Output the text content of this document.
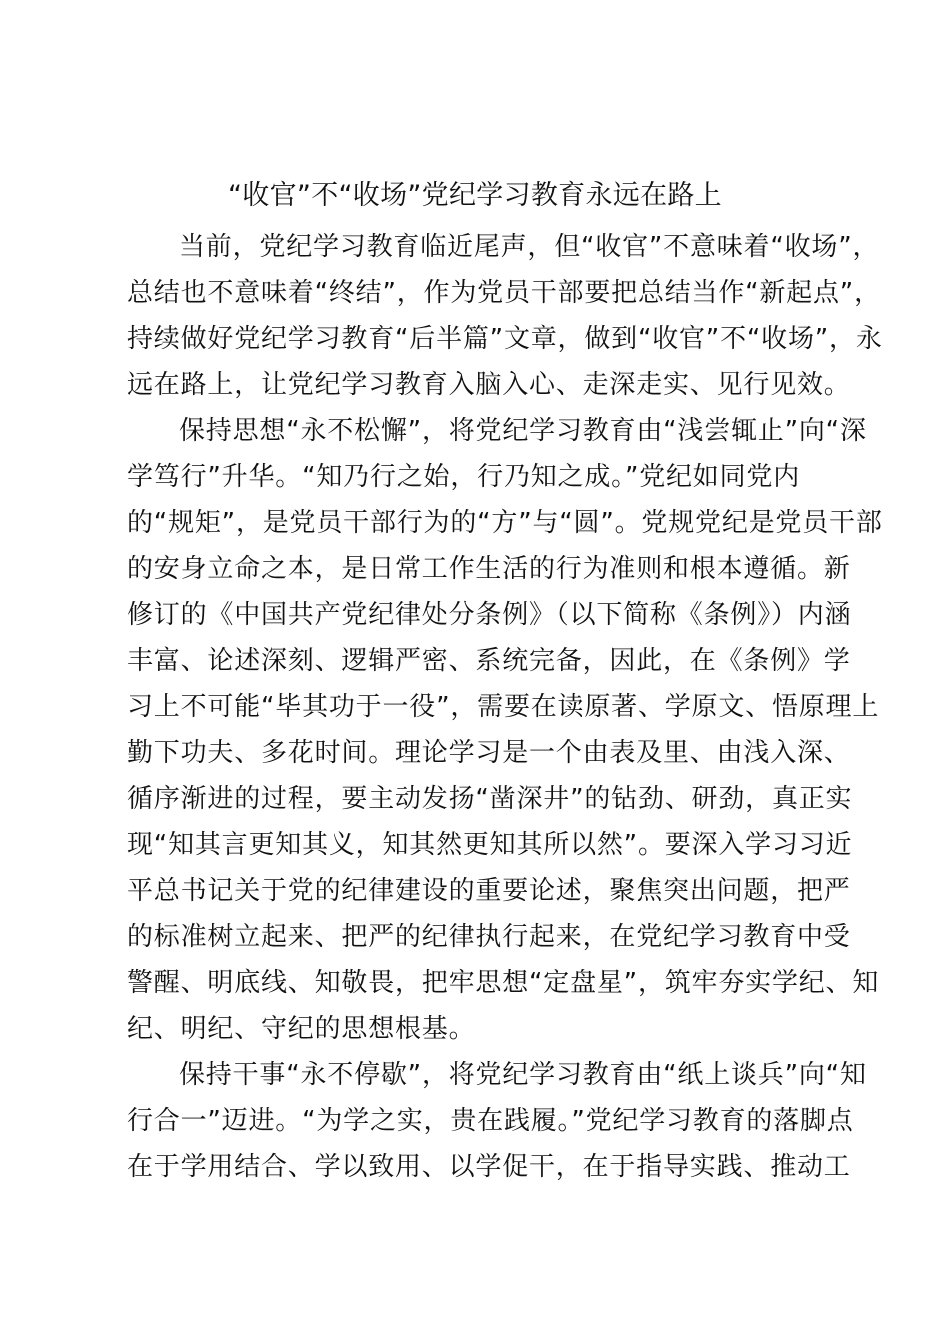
“收官”不“收场”党纪学习教育永远在路上
当前，党纪学习教育临近尾声，但“收官”不意味着“收场”，
总结也不意味着“终结”，作为党员干部要把总结当作“新起点”，
持续做好党纪学习教育“后半篇”文章，做到“收官”不“收场”，永
远在路上，让党纪学习教育入脑入心、走深走实、见行见效。
保持思想“永不松懈”，将党纪学习教育由“浅尝辄止”向“深
学笃行”升华。“知乃行之始，行乃知之成。”党纪如同党内
的“规矩”，是党员干部行为的“方”与“圆”。党规党纪是党员干部
的安身立命之本，是日常工作生活的行为准则和根本遵循。新
修订的《中国共产党纪律处分条例》（以下简称《条例》）内涵
丰富、论述深刻、逻辑严密、系统完备，因此，在《条例》学
习上不可能“毕其功于一役”，需要在读原著、学原文、悟原理上
勤下功夫、多花时间。理论学习是一个由表及里、由浅入深、
循序渐进的过程，要主动发扬“凿深井”的钻劲、研劲，真正实
现“知其言更知其义，知其然更知其所以然”。要深入学习习近
平总书记关于党的纪律建设的重要论述，聚焦突出问题，把严
的标准树立起来、把严的纪律执行起来，在党纪学习教育中受
警醒、明底线、知敬畏，把牢思想“定盘星”，筑牢夯实学纪、知
纪、明纪、守纪的思想根基。
保持干事“永不停歇”，将党纪学习教育由“纸上谈兵”向“知
行合一”迈进。“为学之实，贵在践履。”党纪学习教育的落脚点
在于学用结合、学以致用、以学促干，在于指导实践、推动工
